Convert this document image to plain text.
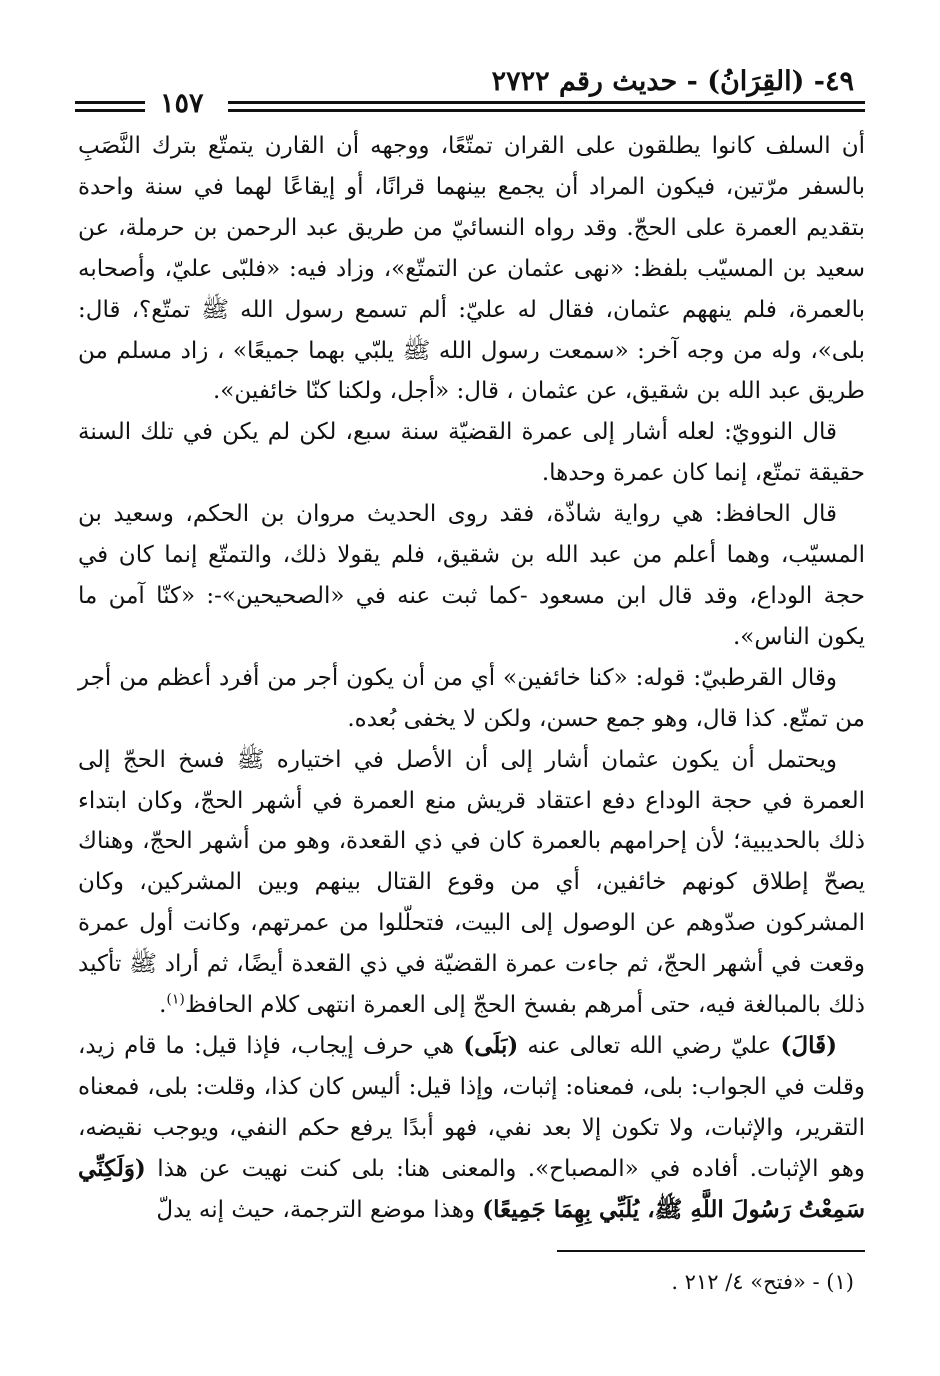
٤٩- (القِرَانُ) - حديث رقم ٢٧٢٢
١٥٧

أن السلف كانوا يطلقون على القران تمتّعًا، ووجهه أن القارن يتمتّع بترك النَّصَبِ بالسفر مرّتين، فيكون المراد أن يجمع بينهما قرانًا، أو إيقاعًا لهما في سنة واحدة بتقديم العمرة على الحجّ. وقد رواه النسائيّ من طريق عبد الرحمن بن حرملة، عن سعيد بن المسيّب بلفظ: «نهى عثمان عن التمتّع»، وزاد فيه: «فلبّى عليّ، وأصحابه بالعمرة، فلم ينههم عثمان، فقال له عليّ: ألم تسمع رسول الله ﷺ تمتّع؟، قال: بلى»، وله من وجه آخر: «سمعت رسول الله ﷺ يلبّي بهما جميعًا» ، زاد مسلم من طريق عبد الله بن شقيق، عن عثمان ، قال: «أجل، ولكنا كنّا خائفين».

قال النوويّ: لعله أشار إلى عمرة القضيّة سنة سبع، لكن لم يكن في تلك السنة حقيقة تمتّع، إنما كان عمرة وحدها.

قال الحافظ: هي رواية شاذّة، فقد روى الحديث مروان بن الحكم، وسعيد بن المسيّب، وهما أعلم من عبد الله بن شقيق، فلم يقولا ذلك، والتمتّع إنما كان في حجة الوداع، وقد قال ابن مسعود -كما ثبت عنه في «الصحيحين»-: «كنّا آمن ما يكون الناس».

وقال القرطبيّ: قوله: «كنا خائفين» أي من أن يكون أجر من أفرد أعظم من أجر من تمتّع. كذا قال، وهو جمع حسن، ولكن لا يخفى بُعده.

ويحتمل أن يكون عثمان أشار إلى أن الأصل في اختياره ﷺ فسخ الحجّ إلى العمرة في حجة الوداع دفع اعتقاد قريش منع العمرة في أشهر الحجّ، وكان ابتداء ذلك بالحديبية؛ لأن إحرامهم بالعمرة كان في ذي القعدة، وهو من أشهر الحجّ، وهناك يصحّ إطلاق كونهم خائفين، أي من وقوع القتال بينهم وبين المشركين، وكان المشركون صدّوهم عن الوصول إلى البيت، فتحلّلوا من عمرتهم، وكانت أول عمرة وقعت في أشهر الحجّ، ثم جاءت عمرة القضيّة في ذي القعدة أيضًا، ثم أراد ﷺ تأكيد ذلك بالمبالغة فيه، حتى أمرهم بفسخ الحجّ إلى العمرة انتهى كلام الحافظ$^{(١)}$.

(قَالَ) عليّ رضي الله تعالى عنه (بَلَى) هي حرف إيجاب، فإذا قيل: ما قام زيد، وقلت في الجواب: بلى، فمعناه: إثبات، وإذا قيل: أليس كان كذا، وقلت: بلى، فمعناه التقرير، والإثبات، ولا تكون إلا بعد نفي، فهو أبدًا يرفع حكم النفي، ويوجب نقيضه، وهو الإثبات. أفاده في «المصباح». والمعنى هنا: بلى كنت نهيت عن هذا (وَلَكِنِّي سَمِعْتُ رَسُولَ اللَّهِ ﷺ، يُلَبِّي بِهِمَا جَمِيعًا) وهذا موضع الترجمة، حيث إنه يدلّ

(١) - «فتح» ٤/ ٢١٢ .
